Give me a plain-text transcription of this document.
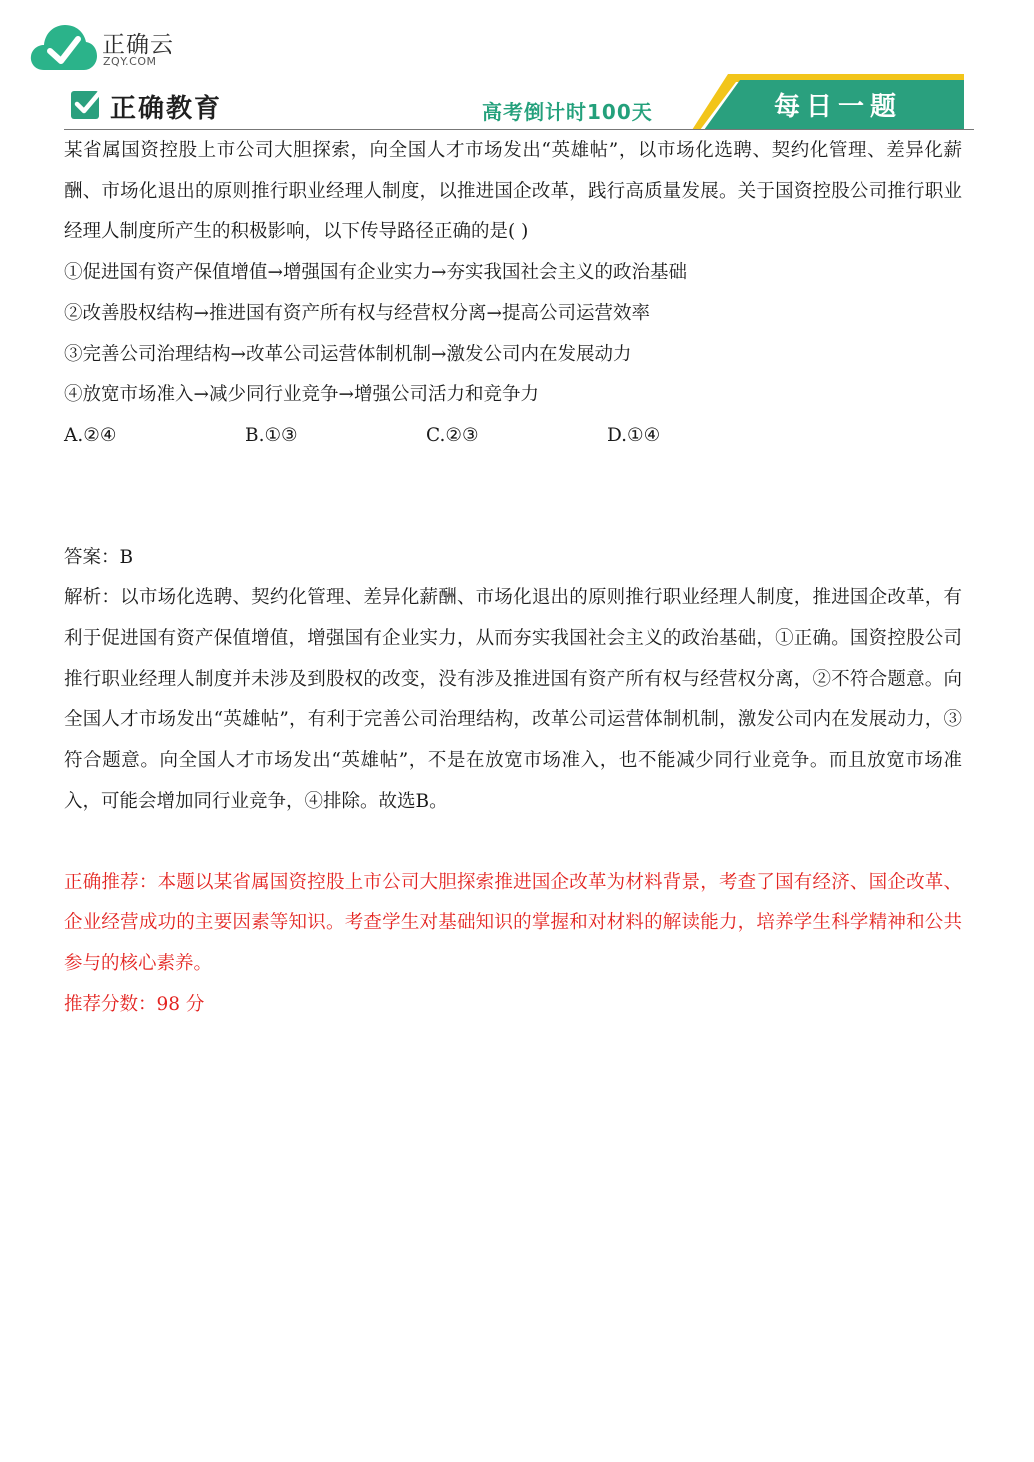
正确云
ZQY.COM
正确教育	高考倒计时100天	每日一题

某省属国资控股上市公司大胆探索，向全国人才市场发出“英雄帖”，以市场化选聘、契约化管理、差异化薪酬、市场化退出的原则推行职业经理人制度，以推进国企改革，践行高质量发展。关于国资控股公司推行职业经理人制度所产生的积极影响，以下传导路径正确的是( )

①促进国有资产保值增值→增强国有企业实力→夯实我国社会主义的政治基础

②改善股权结构→推进国有资产所有权与经营权分离→提高公司运营效率

③完善公司治理结构→改革公司运营体制机制→激发公司内在发展动力

④放宽市场准入→减少同行业竞争→增强公司活力和竞争力

A.②④	B.①③	C.②③	D.①④

答案：B

解析：以市场化选聘、契约化管理、差异化薪酬、市场化退出的原则推行职业经理人制度，推进国企改革，有利于促进国有资产保值增值，增强国有企业实力，从而夯实我国社会主义的政治基础，①正确。国资控股公司推行职业经理人制度并未涉及到股权的改变，没有涉及推进国有资产所有权与经营权分离，②不符合题意。向全国人才市场发出“英雄帖”，有利于完善公司治理结构，改革公司运营体制机制，激发公司内在发展动力，③符合题意。向全国人才市场发出“英雄帖”，不是在放宽市场准入，也不能减少同行业竞争。而且放宽市场准入，可能会增加同行业竞争，④排除。故选B。

正确推荐：本题以某省属国资控股上市公司大胆探索推进国企改革为材料背景，考查了国有经济、国企改革、企业经营成功的主要因素等知识。考查学生对基础知识的掌握和对材料的解读能力，培养学生科学精神和公共参与的核心素养。

推荐分数：98 分
